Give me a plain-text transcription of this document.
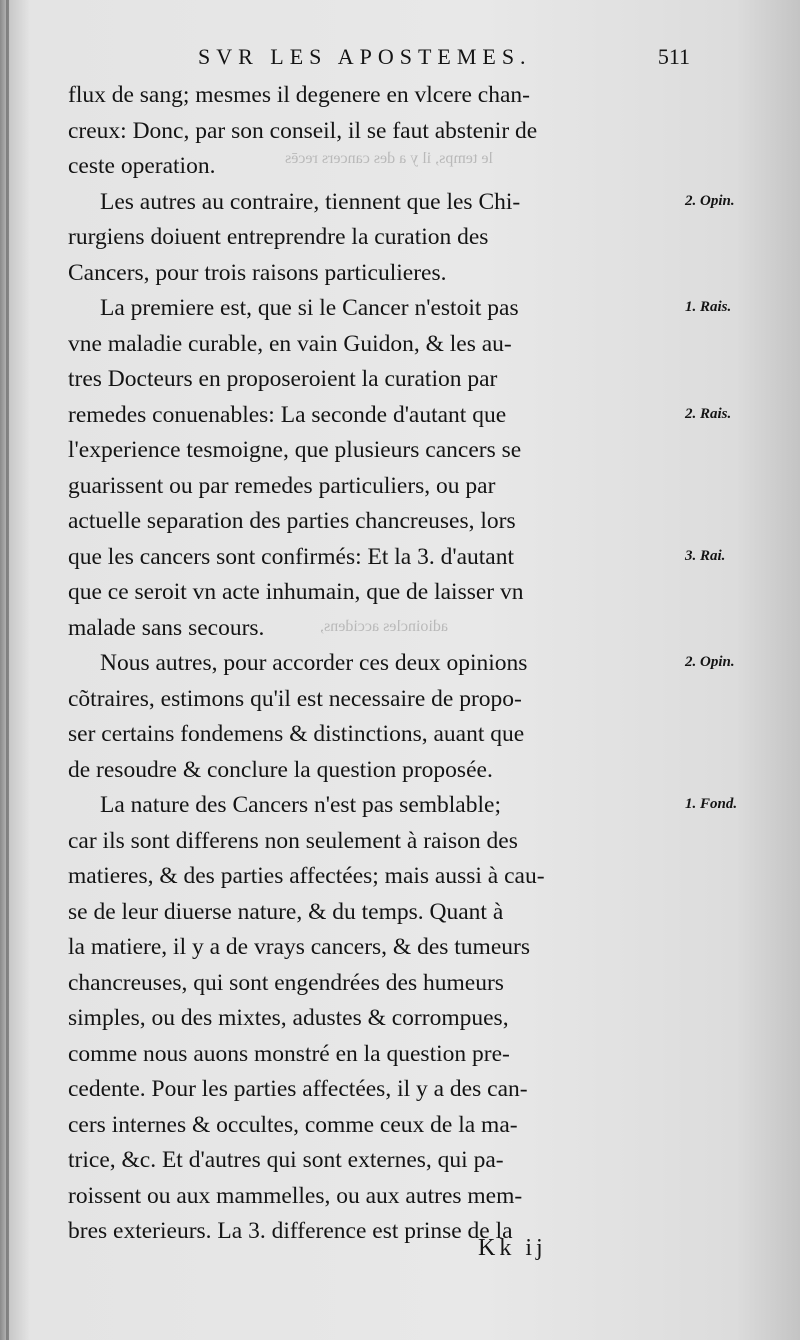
le temps, il y a des cancers recēs
adioincles accidens,
SVR LES APOSTEMES.	511
flux de sang; mesmes il degenere en vlcere chan-
creux: Donc, par son conseil, il se faut abstenir de
ceste operation.
Les autres au contraire, tiennent que les Chi-
rurgiens doiuent entreprendre la curation des
Cancers, pour trois raisons particulieres.
La premiere est, que si le Cancer n'estoit pas
vne maladie curable, en vain Guidon, & les au-
tres Docteurs en proposeroient la curation par
remedes conuenables: La seconde d'autant que
l'experience tesmoigne, que plusieurs cancers se
guarissent ou par remedes particuliers, ou par
actuelle separation des parties chancreuses, lors
que les cancers sont confirmés: Et la 3. d'autant
que ce seroit vn acte inhumain, que de laisser vn
malade sans secours.
Nous autres, pour accorder ces deux opinions
cõtraires, estimons qu'il est necessaire de propo-
ser certains fondemens & distinctions, auant que
de resoudre & conclure la question proposée.
La nature des Cancers n'est pas semblable;
car ils sont differens non seulement à raison des
matieres, & des parties affectées; mais aussi à cau-
se de leur diuerse nature, & du temps. Quant à
la matiere, il y a de vrays cancers, & des tumeurs
chancreuses, qui sont engendrées des humeurs
simples, ou des mixtes, adustes & corrompues,
comme nous auons monstré en la question pre-
cedente. Pour les parties affectées, il y a des can-
cers internes & occultes, comme ceux de la ma-
trice, &c. Et d'autres qui sont externes, qui pa-
roissent ou aux mammelles, ou aux autres mem-
bres exterieurs. La 3. difference est prinse de la
2. Opin.
1. Rais.
2. Rais.
3. Rai.
2. Opin.
1. Fond.
Kk ij
